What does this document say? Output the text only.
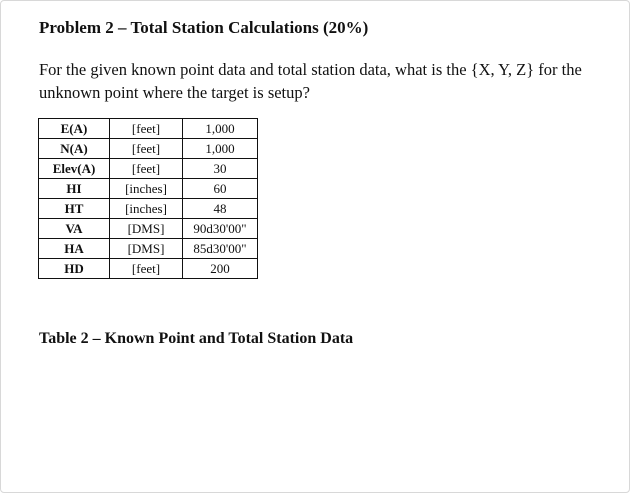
Problem 2 – Total Station Calculations (20%)

For the given known point data and total station data, what is the {X, Y, Z} for the unknown point where the target is setup?

E(A)	[feet]	1,000
N(A)	[feet]	1,000
Elev(A)	[feet]	30
HI	[inches]	60
HT	[inches]	48
VA	[DMS]	90d30'00"
HA	[DMS]	85d30'00"
HD	[feet]	200

Table 2 – Known Point and Total Station Data
